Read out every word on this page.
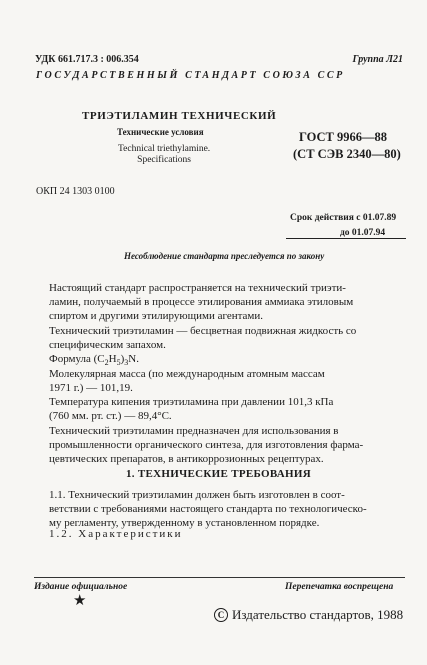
УДК 661.717.3 : 006.354	Группа Л21
ГОСУДАРСТВЕННЫЙ СТАНДАРТ СОЮЗА ССР
ТРИЭТИЛАМИН ТЕХНИЧЕСКИЙ
Технические условия
Technical triethylamine.
Specifications
ГОСТ 9966—88
(СТ СЭВ 2340—80)
ОКП 24 1303 0100
Срок действия с 01.07.89
до 01.07.94
Несоблюдение стандарта преследуется по закону
Настоящий стандарт распространяется на технический триэти-
ламин, получаемый в процессе этилирования аммиака этиловым
спиртом и другими этилирующими агентами.
Технический триэтиламин — бесцветная подвижная жидкость со
специфическим запахом.
Формула $(C_2H_5)_3N$.
Молекулярная масса (по международным атомным массам
1971 г.) — 101,19.
Температура кипения триэтиламина при давлении 101,3 кПа
(760 мм. рт. ст.) — 89,4°С.
Технический триэтиламин предназначен для использования в
промышленности органического синтеза, для изготовления фарма-
цевтических препаратов, в антикоррозионных рецептурах.
1. ТЕХНИЧЕСКИЕ ТРЕБОВАНИЯ
1.1. Технический триэтиламин должен быть изготовлен в соот-
ветствии с требованиями настоящего стандарта по технологическо-
му регламенту, утвержденному в установленном порядке.
1.2. Характеристики
Издание официальное	Перепечатка воспрещена
★
С Издательство стандартов, 1988
